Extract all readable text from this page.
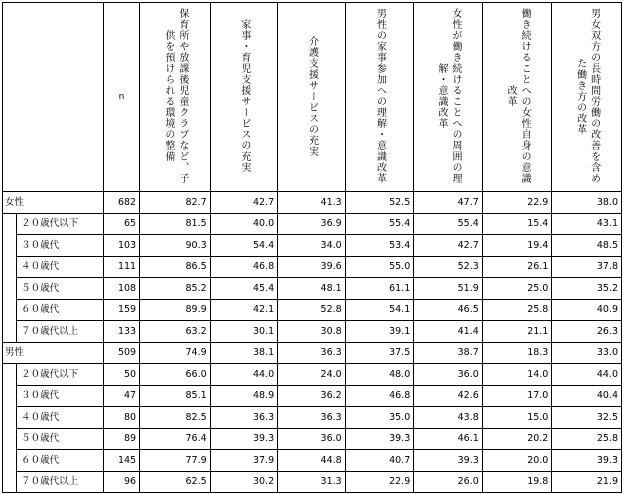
		n	保育所や放課後児童クラブなど、子供を預けられる環境の整備	家事・育児支援サービスの充実	介護支援サービスの充実	男性の家事参加への理解・意識改革	女性が働き続けることへの周囲の理解・意識改革	働き続けることへの女性自身の意識改革	男女双方の長時間労働の改善を含めた働き方の改革

女性		682	82.7	42.7	41.3	52.5	47.7	22.9	38.0
	２０歳代以下	65	81.5	40.0	36.9	55.4	55.4	15.4	43.1
	３０歳代	103	90.3	54.4	34.0	53.4	42.7	19.4	48.5
	４０歳代	111	86.5	46.8	39.6	55.0	52.3	26.1	37.8
	５０歳代	108	85.2	45.4	48.1	61.1	51.9	25.0	35.2
	６０歳代	159	89.9	42.1	52.8	54.1	46.5	25.8	40.9
	７０歳代以上	133	63.2	30.1	30.8	39.1	41.4	21.1	26.3
男性		509	74.9	38.1	36.3	37.5	38.7	18.3	33.0
	２０歳代以下	50	66.0	44.0	24.0	48.0	36.0	14.0	44.0
	３０歳代	47	85.1	48.9	36.2	46.8	42.6	17.0	40.4
	４０歳代	80	82.5	36.3	36.3	35.0	43.8	15.0	32.5
	５０歳代	89	76.4	39.3	36.0	39.3	46.1	20.2	25.8
	６０歳代	145	77.9	37.9	44.8	40.7	39.3	20.0	39.3
	７０歳代以上	96	62.5	30.2	31.3	22.9	26.0	19.8	21.9
